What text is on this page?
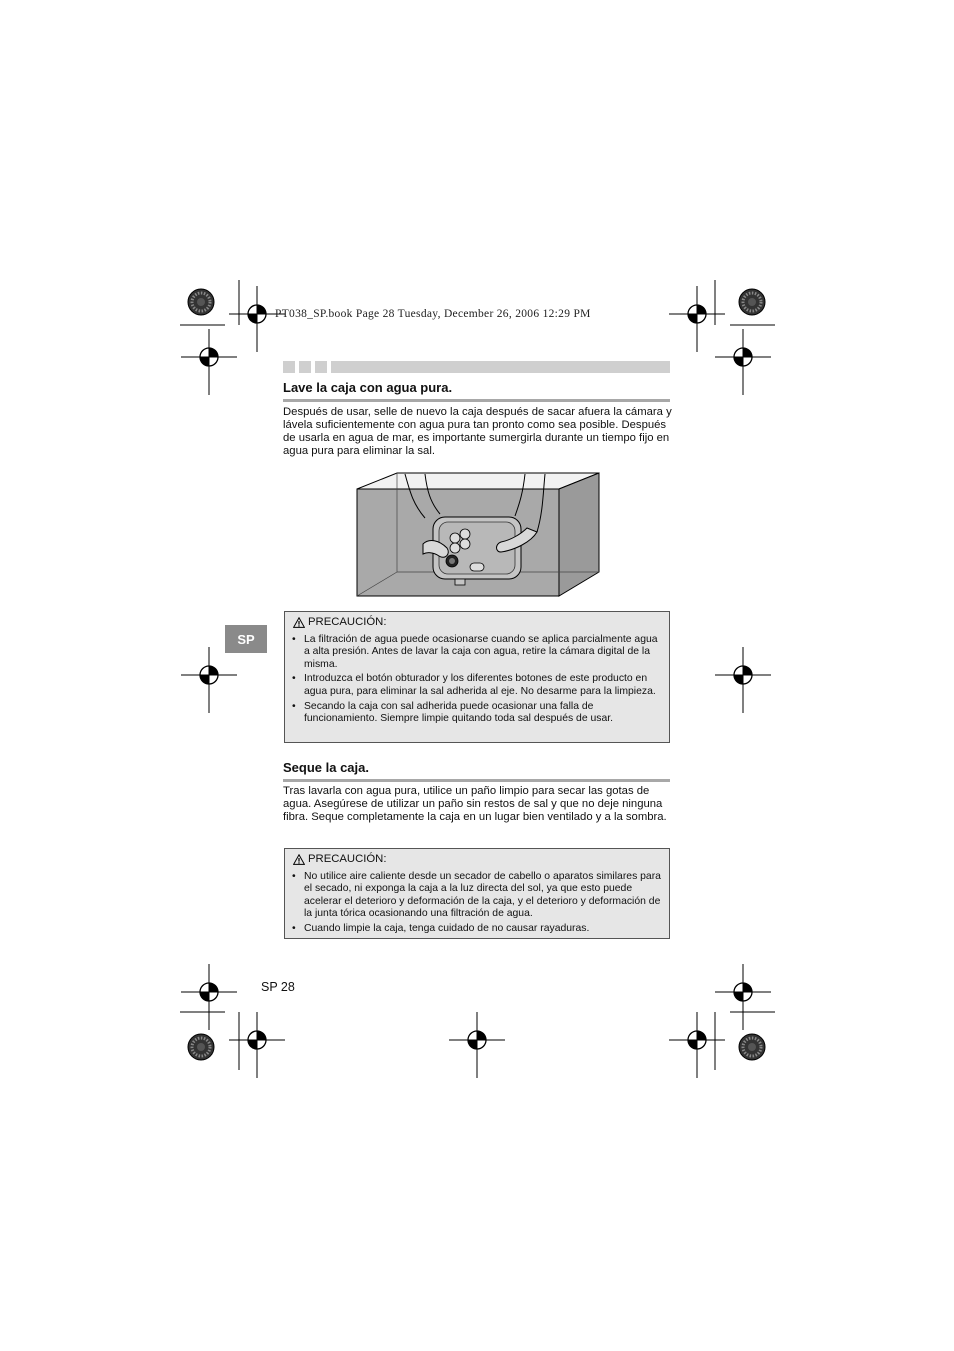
PT038_SP.book Page 28 Tuesday, December 26, 2006 12:29 PM
Lave la caja con agua pura.

Después de usar, selle de nuevo la caja después de sacar afuera la cámara y lávela suficientemente con agua pura tan pronto como sea posible. Después de usarla en agua de mar, es importante sumergirla durante un tiempo fijo en agua pura para eliminar la sal.

SP
PRECAUCIÓN:
• La filtración de agua puede ocasionarse cuando se aplica parcialmente agua a alta presión. Antes de lavar la caja con agua, retire la cámara digital de la misma.
• Introduzca el botón obturador y los diferentes botones de este producto en agua pura, para eliminar la sal adherida al eje. No desarme para la limpieza.
• Secando la caja con sal adherida puede ocasionar una falla de funcionamiento. Siempre limpie quitando toda sal después de usar.
Seque la caja.

Tras lavarla con agua pura, utilice un paño limpio para secar las gotas de agua. Asegúrese de utilizar un paño sin restos de sal y que no deje ninguna fibra. Seque completamente la caja en un lugar bien ventilado y a la sombra.

PRECAUCIÓN:
• No utilice aire caliente desde un secador de cabello o aparatos similares para el secado, ni exponga la caja a la luz directa del sol, ya que esto puede acelerar el deterioro y deformación de la caja, y el deterioro y deformación de la junta tórica ocasionando una filtración de agua.
• Cuando limpie la caja, tenga cuidado de no causar rayaduras.
SP 28
